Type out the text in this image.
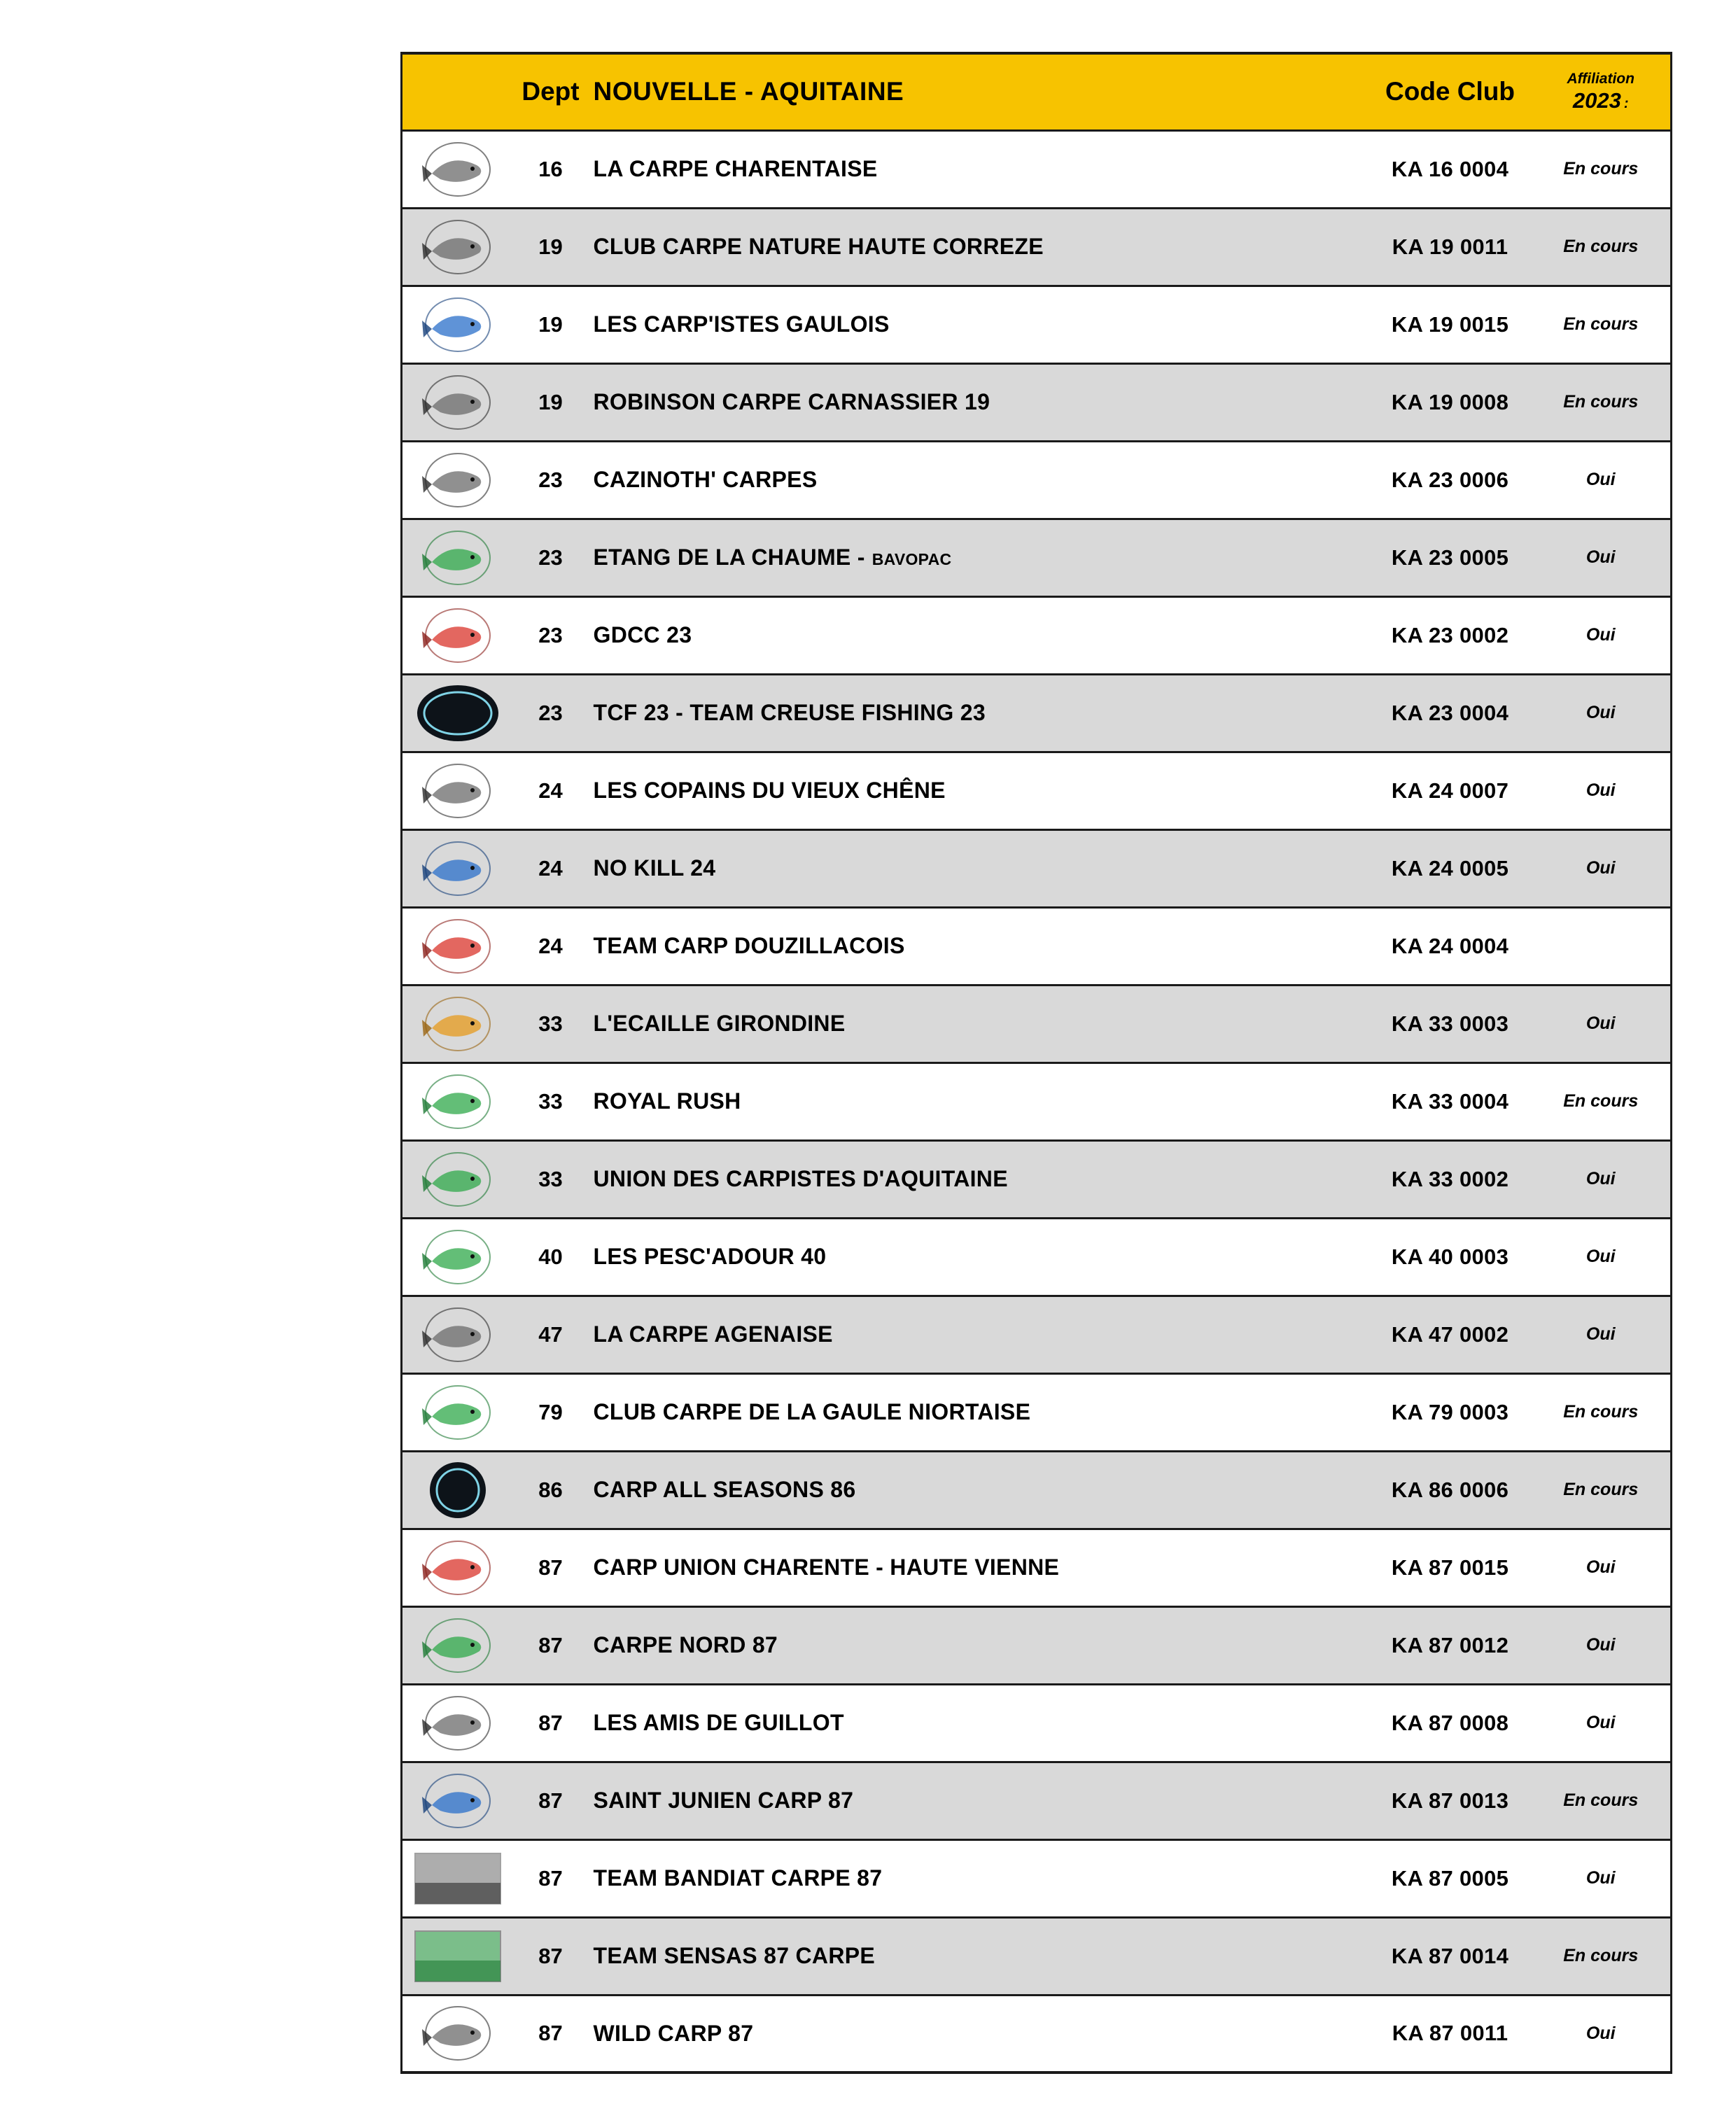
	Dept	NOUVELLE - AQUITAINE	Code Club	Affiliation
2023 :

	16	LA CARPE CHARENTAISE	KA 16 0004	En cours

	19	CLUB CARPE NATURE HAUTE CORREZE	KA 19 0011	En cours

	19	LES CARP'ISTES GAULOIS	KA 19 0015	En cours

	19	ROBINSON CARPE CARNASSIER 19	KA 19 0008	En cours

	23	CAZINOTH' CARPES	KA 23 0006	Oui

	23	ETANG DE LA CHAUME - BAVOPAC	KA 23 0005	Oui

	23	GDCC 23	KA 23 0002	Oui

	23	TCF 23 - TEAM CREUSE FISHING 23	KA 23 0004	Oui

	24	LES COPAINS DU VIEUX CHÊNE	KA 24 0007	Oui

	24	NO KILL 24	KA 24 0005	Oui

	24	TEAM CARP DOUZILLACOIS	KA 24 0004	

	33	L'ECAILLE GIRONDINE	KA 33 0003	Oui

	33	ROYAL RUSH	KA 33 0004	En cours

	33	UNION DES CARPISTES D'AQUITAINE	KA 33 0002	Oui

	40	LES PESC'ADOUR 40	KA 40 0003	Oui

	47	LA CARPE AGENAISE	KA 47 0002	Oui

	79	CLUB CARPE DE LA GAULE NIORTAISE	KA 79 0003	En cours

	86	CARP ALL SEASONS 86	KA 86 0006	En cours

	87	CARP UNION CHARENTE - HAUTE VIENNE	KA 87 0015	Oui

	87	CARPE NORD 87	KA 87 0012	Oui

	87	LES AMIS DE GUILLOT	KA 87 0008	Oui

	87	SAINT JUNIEN CARP 87	KA 87 0013	En cours

	87	TEAM BANDIAT CARPE 87	KA 87 0005	Oui

	87	TEAM SENSAS 87 CARPE	KA 87 0014	En cours

	87	WILD CARP 87	KA 87 0011	Oui
